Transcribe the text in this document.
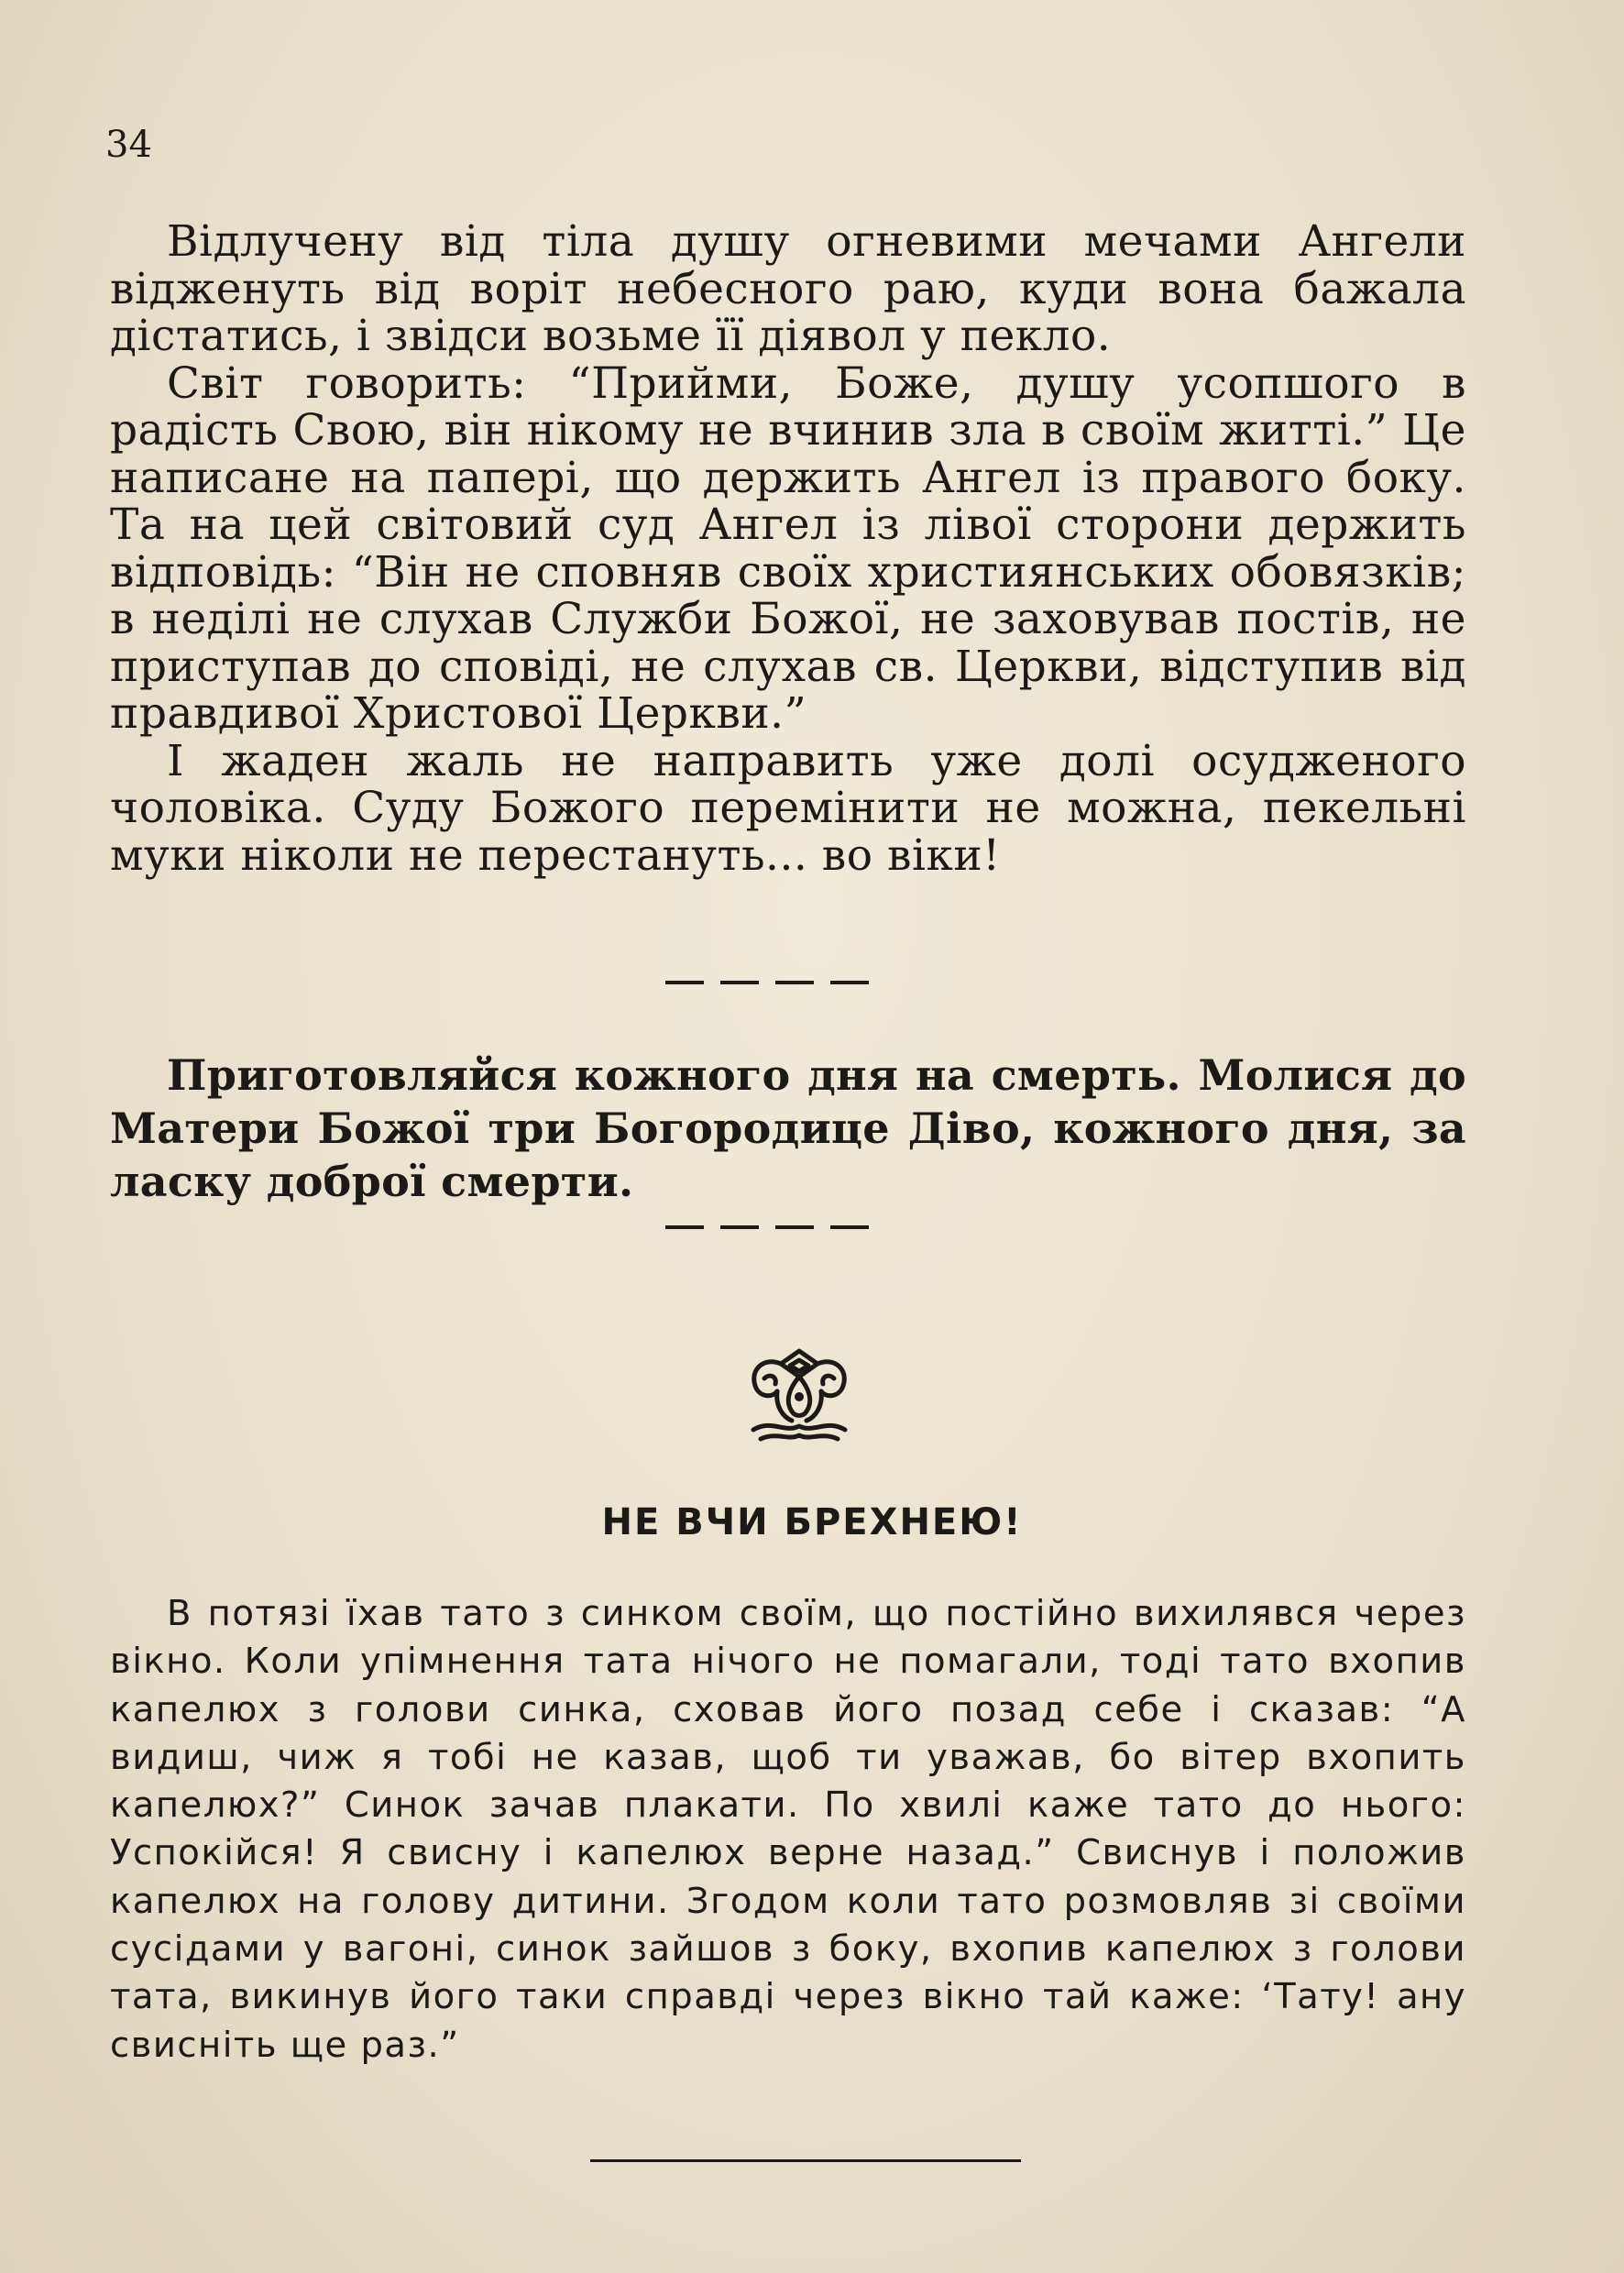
34

Відлучену від тіла душу огневими мечами Ангели відженуть від воріт небесного раю, куди вона бажала дістатись, і звідси возьме її діявол у пекло.

Світ говорить: “Прийми, Боже, душу усопшого в радість Свою, він нікому не вчинив зла в своїм житті.” Це написане на папері, що держить Ангел із правого боку. Та на цей світовий суд Ангел із лівої сторони держить відповідь: “Він не сповняв своїх християнських обовязків; в неділі не слухав Служби Божої, не заховував постів, не приступав до сповіді, не слухав св. Церкви, відступив від правдивої Христової Церкви.”

І жаден жаль не направить уже долі осудженого чоловіка. Суду Божого перемінити не можна, пекельні муки ніколи не перестануть... во віки!

Приготовляйся кожного дня на смерть. Молися до Матери Божої три Богородице Діво, кожного дня, за ласку доброї смерти.

НЕ ВЧИ БРЕХНЕЮ!

В потязі їхав тато з синком своїм, що постійно вихилявся через вікно. Коли упімнення тата нічого не помагали, тоді тато вхопив капелюх з голови синка, сховав його позад себе і сказав: “А видиш, чиж я тобі не казав, щоб ти уважав, бо вітер вхопить капелюх?” Синок зачав плакати. По хвилі каже тато до нього: Успокійся! Я свисну і капелюх верне назад.” Свиснув і положив капелюх на голову дитини. Згодом коли тато розмовляв зі своїми сусідами у вагоні, синок зайшов з боку, вхопив капелюх з голови тата, викинув його таки справді через вікно тай каже: ‘Тату! ану свисніть ще раз.”
